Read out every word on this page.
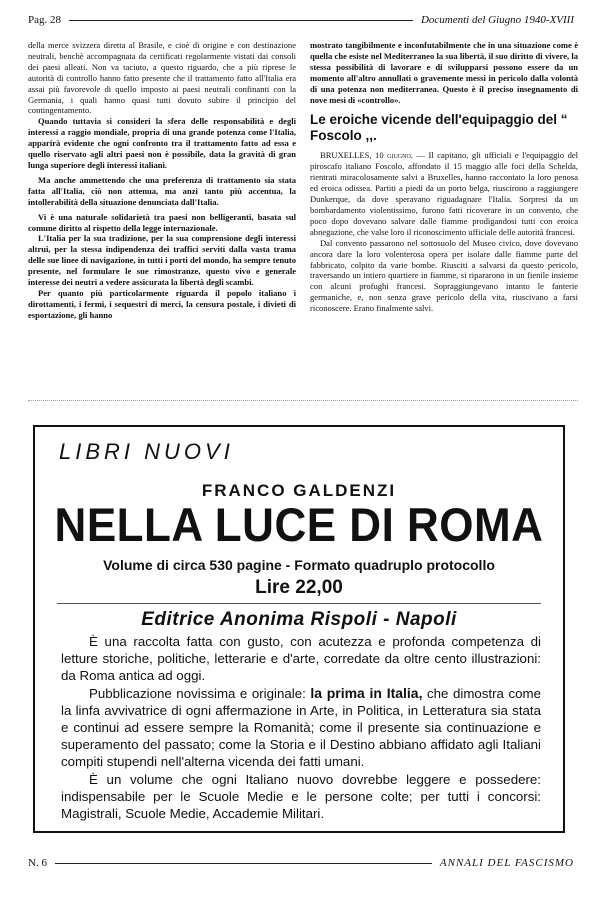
Pag. 28	Documenti del Giugno 1940-XVIII

della merce svizzera diretta al Brasile, e cioè di origine e con destinazione neutrali, benchè accompagnata da certificati regolarmente vistati dai consoli dei paesi alleati. Non va taciuto, a questo riguardo, che a più riprese le autorità di controllo hanno fatto presente che il trattamento fatto all'Italia era assai più favorevole di quello imposto ai paesi neutrali confinanti con la Germania, i quali hanno quasi tutti dovuto subire il principio del contingentamento.

Quando tuttavia si consideri la sfera delle responsabilità e degli interessi a raggio mondiale, propria di una grande potenza come l'Italia, apparirà evidente che ogni confronto tra il trattamento fatto ad essa e quello riservato agli altri paesi non è possibile, data la gravità di gran lunga superiore degli interessi italiani.

Ma anche ammettendo che una preferenza di trattamento sia stata fatta all'Italia, ciò non attenua, ma anzi tanto più accentua, la intollerabilità della situazione denunciata dall'Italia.

Vi è una naturale solidarietà tra paesi non belligeranti, basata sul comune diritto al rispetto della legge internazionale.

L'Italia per la sua tradizione, per la sua comprensione degli interessi altrui, per la stessa indipendenza dei traffici serviti dalla vasta trama delle sue linee di navigazione, in tutti i porti del mondo, ha sempre tenuto presente, nel formulare le sue rimostranze, questo vivo e generale interesse dei neutri a vedere assicurata la libertà degli scambi.

Per quanto più particolarmente riguarda il popolo italiano i dirottamenti, i fermi, i sequestri di merci, la censura postale, i divieti di esportazione, gli hanno

mostrato tangibilmente e inconfutabilmente che in una situazione come è quella che esiste nel Mediterraneo la sua libertà, il suo diritto di vivere, la stessa possibilità di lavorare e di svilupparsi possono essere da un momento all'altro annullati o gravemente messi in pericolo dalla volontà di una potenza non mediterranea. Questo è il preciso insegnamento di nove mesi di «controllo».

Le eroiche vicende dell'equipaggio del “ Foscolo ,,.

BRUXELLES, 10 giugno. — Il capitano, gli ufficiali e l'equipaggio del piroscafo italiano Foscolo, affondato il 15 maggio alle foci della Schelda, rientrati miracolosamente salvi a Bruxelles, hanno raccontato la loro penosa ed eroica odissea. Partiti a piedi da un porto belga, riuscirono a raggiungere Dunkerque, da dove speravano riguadagnare l'Italia. Sorpresi da un bombardamento violentissimo, furono fatti ricoverare in un convento, che poco dopo dovevano salvare dalle fiamme prodigandosi tutti con eroica abnegazione, che valse loro il riconoscimento ufficiale delle autorità francesi.

Dal convento passarono nel sottosuolo del Museo civico, dove dovevano ancora dare la loro volenterosa opera per isolare dalle fiamme parte del fabbricato, colpito da varie bombe. Riusciti a salvarsi da questo pericolo, traversando un intiero quartiere in fiamme, si ripararono in un fienile insieme con alcuni profughi francesi. Sopraggiungevano intanto le fanterie germaniche, e, non senza grave pericolo della vita, riuscivano a farsi riconoscere. Erano finalmente salvi.

LIBRI NUOVI
FRANCO GALDENZI
NELLA LUCE DI ROMA
Volume di circa 530 pagine - Formato quadruplo protocollo
Lire 22,00
Editrice Anonima Rispoli - Napoli

È una raccolta fatta con gusto, con acutezza e profonda competenza di letture storiche, politiche, letterarie e d'arte, corredate da oltre cento illustrazioni: da Roma antica ad oggi.

Pubblicazione novissima e originale: la prima in Italia, che dimostra come la linfa avvivatrice di ogni affermazione in Arte, in Politica, in Letteratura sia stata e continui ad essere sempre la Romanità; come il presente sia continuazione e superamento del passato; come la Storia e il Destino abbiano affidato agli Italiani compiti stupendi nell'alterna vicenda dei fatti umani.

È un volume che ogni Italiano nuovo dovrebbe leggere e possedere: indispensabile per le Scuole Medie e le persone colte; per tutti i concorsi: Magistrali, Scuole Medie, Accademie Militari.

N. 6	ANNALI DEL FASCISMO
